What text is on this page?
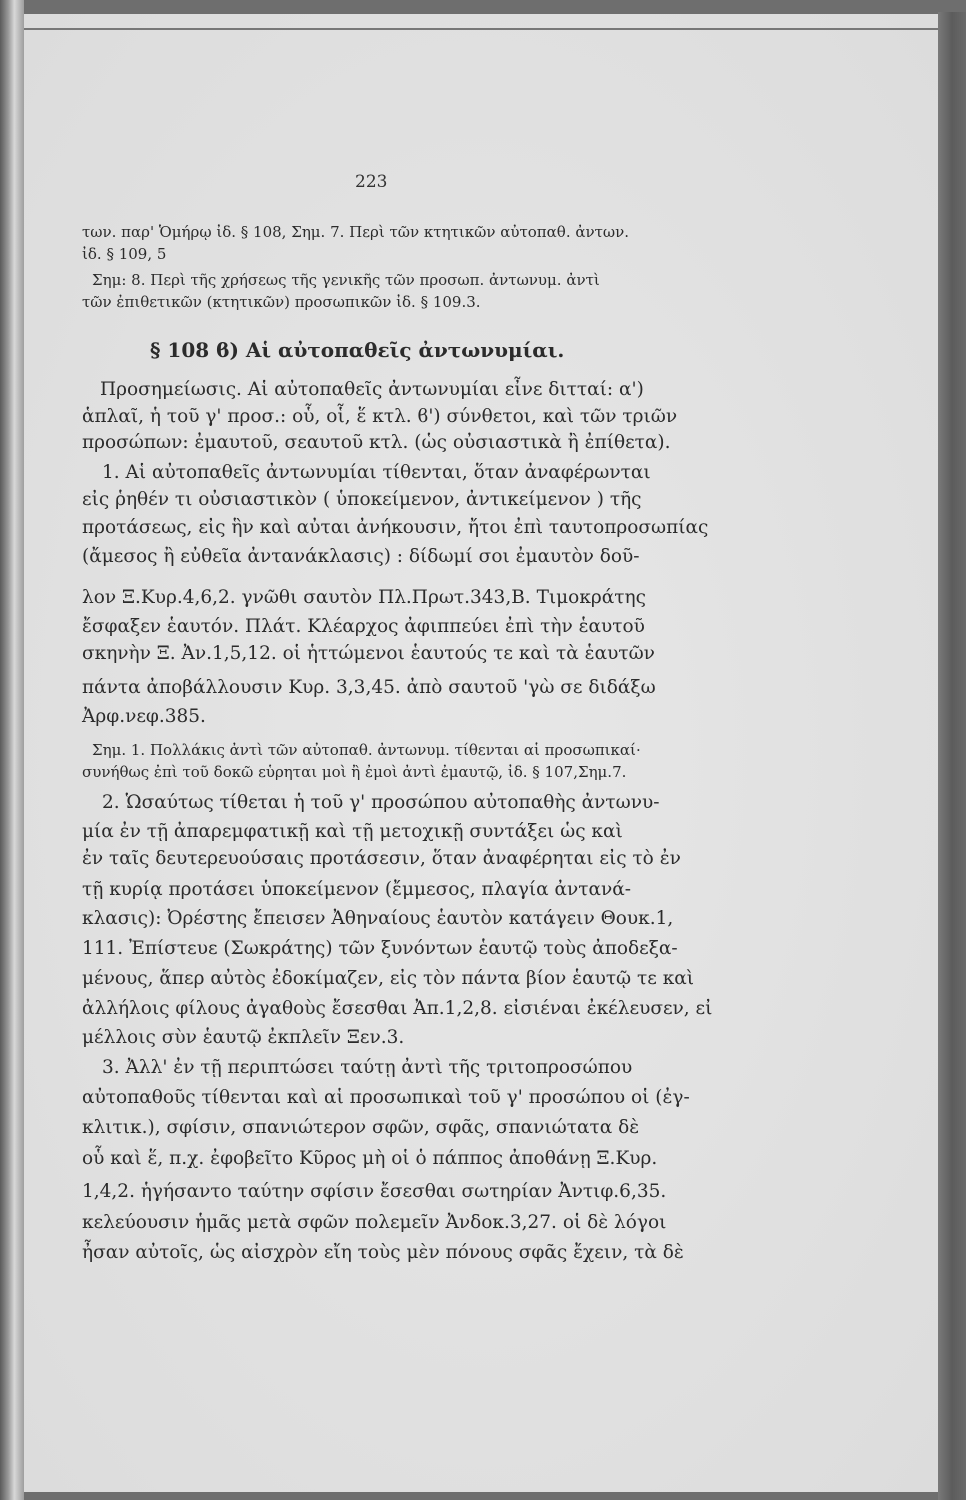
223
των. παρ' Ὁμήρῳ ἰδ. § 108, Σημ. 7. Περὶ τῶν κτητικῶν αὐτοπαθ. ἀντων.
ἰδ. § 109, 5
Σημ: 8. Περὶ τῆς χρήσεως τῆς γενικῆς τῶν προσωπ. ἀντωνυμ. ἀντὶ
τῶν ἐπιθετικῶν (κτητικῶν) προσωπικῶν ἰδ. § 109.3.
§ 108 ϐ) Αἱ αὐτοπαθεῖς ἀντωνυμίαι.
Προσημείωσις. Αἱ αὐτοπαθεῖς ἀντωνυμίαι εἶνε διτταί: α')
ἁπλαῖ, ἡ τοῦ γ' προσ.: οὗ, οἷ, ἕ κτλ. ϐ') σύνθετοι, καὶ τῶν τριῶν
προσώπων: ἐμαυτοῦ, σεαυτοῦ κτλ. (ὡς οὐσιαστικὰ ἢ ἐπίθετα).
1. Αἱ αὐτοπαθεῖς ἀντωνυμίαι τίθενται, ὅταν ἀναφέρωνται
εἰς ῥηθέν τι οὐσιαστικὸν ( ὑποκείμενον, ἀντικείμενον ) τῆς
προτάσεως, εἰς ἣν καὶ αὐται ἀνήκουσιν, ἤτοι ἐπὶ ταυτοπροσωπίας
(ἄμεσος ἢ εὐθεῖα ἀντανάκλασις) : δίδωμί σοι ἐμαυτὸν δοῦ-
λον Ξ.Κυρ.4,6,2. γνῶθι σαυτὸν Πλ.Πρωτ.343,Β. Τιμοκράτης
ἔσφαξεν ἑαυτόν. Πλάτ. Κλέαρχος ἀφιππεύει ἐπὶ τὴν ἑαυτοῦ
σκηνὴν Ξ. Ἀν.1,5,12. οἱ ἡττώμενοι ἑαυτούς τε καὶ τὰ ἑαυτῶν
πάντα ἀποβάλλουσιν Κυρ. 3,3,45. ἀπὸ σαυτοῦ 'γὼ σε διδάξω
Ἀρφ.νεφ.385.
Σημ. 1. Πολλάκις ἀντὶ τῶν αὐτοπαθ. ἀντωνυμ. τίθενται αἱ προσωπικαί·
συνήθως ἐπὶ τοῦ δοκῶ εὑρηται μοὶ ἢ ἐμοὶ ἀντὶ ἐμαυτῷ, ἰδ. § 107,Σημ.7.
2. Ὡσαύτως τίθεται ἡ τοῦ γ' προσώπου αὐτοπαθὴς ἀντωνυ-
μία ἐν τῇ ἀπαρεμφατικῇ καὶ τῇ μετοχικῇ συντάξει ὡς καὶ
ἐν ταῖς δευτερευούσαις προτάσεσιν, ὅταν ἀναφέρηται εἰς τὸ ἐν
τῇ κυρίᾳ προτάσει ὑποκείμενον (ἔμμεσος, πλαγία ἀντανά-
κλασις): Ὀρέστης ἔπεισεν Ἀθηναίους ἑαυτὸν κατάγειν Θουκ.1,
111. Ἐπίστευε (Σωκράτης) τῶν ξυνόντων ἑαυτῷ τοὺς ἀποδεξα-
μένους, ἅπερ αὐτὸς ἐδοκίμαζεν, εἰς τὸν πάντα βίον ἑαυτῷ τε καὶ
ἀλλήλοις φίλους ἀγαθοὺς ἔσεσθαι Ἀπ.1,2,8. εἰσιέναι ἐκέλευσεν, εἰ
μέλλοις σὺν ἑαυτῷ ἐκπλεῖν Ξεν.3.
3. Ἀλλ' ἐν τῇ περιπτώσει ταύτῃ ἀντὶ τῆς τριτοπροσώπου
αὐτοπαθοῦς τίθενται καὶ αἱ προσωπικαὶ τοῦ γ' προσώπου οἱ (ἐγ-
κλιτικ.), σφίσιν, σπανιώτερον σφῶν, σφᾶς, σπανιώτατα δὲ
οὗ καὶ ἕ, π.χ. ἐφοβεῖτο Κῦρος μὴ οἱ ὁ πάππος ἀποθάνῃ Ξ.Κυρ.
1,4,2. ἡγήσαντο ταύτην σφίσιν ἔσεσθαι σωτηρίαν Ἀντιφ.6,35.
κελεύουσιν ἡμᾶς μετὰ σφῶν πολεμεῖν Ἀνδοκ.3,27. οἱ δὲ λόγοι
ἦσαν αὐτοῖς, ὡς αἰσχρὸν εἴη τοὺς μὲν πόνους σφᾶς ἔχειν, τὰ δὲ
